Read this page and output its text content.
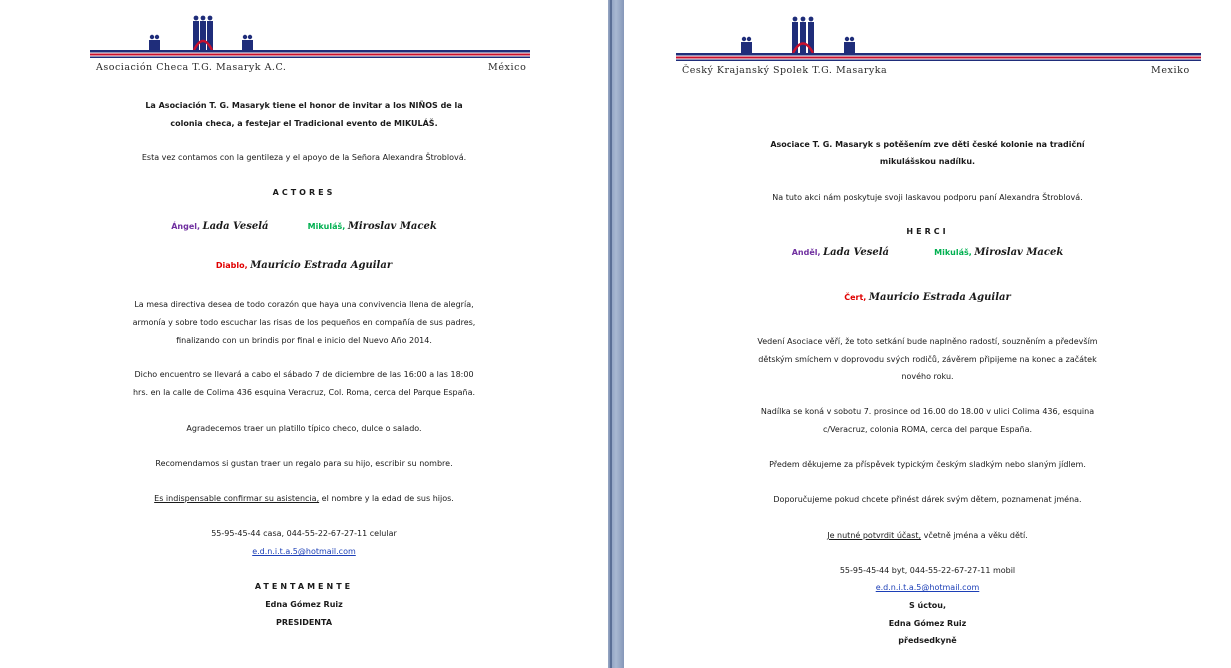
Asociación Checa T.G. Masaryk A.C.	México
La Asociación T. G. Masaryk tiene el honor de invitar a los NIÑOS de la
colonia checa, a festejar el Tradicional evento de MIKULÁŠ.
Esta vez contamos con la gentileza y el apoyo de la Señora Alexandra Štroblová.
ACTORES
Ángel, Lada Veselá	Mikuláš, Miroslav Macek
Diablo, Mauricio Estrada Aguilar
La mesa directiva desea de todo corazón que haya una convivencia llena de alegría,
armonía y sobre todo escuchar las risas de los pequeños en compañía de sus padres,
finalizando con un brindis por final e inicio del Nuevo Año 2014.
Dicho encuentro se llevará a cabo el sábado 7 de diciembre de las 16:00 a las 18:00
hrs. en la calle de Colima 436 esquina Veracruz, Col. Roma, cerca del Parque España.
Agradecemos traer un platillo típico checo, dulce o salado.
Recomendamos si gustan traer un regalo para su hijo, escribir su nombre.
Es indispensable confirmar su asistencia, el nombre y la edad de sus hijos.
55-95-45-44 casa, 044-55-22-67-27-11 celular
e.d.n.i.t.a.5@hotmail.com
ATENTAMENTE
Edna Gómez Ruiz
PRESIDENTA
Český Krajanský Spolek T.G. Masaryka	Mexiko
Asociace T. G. Masaryk s potěšením zve děti české kolonie na tradiční
mikulášskou nadílku.
Na tuto akci nám poskytuje svoji laskavou podporu paní Alexandra Štroblová.
HERCI
Anděl, Lada Veselá	Mikuláš, Miroslav Macek
Čert, Mauricio Estrada Aguilar
Vedení Asociace věří, že toto setkání bude naplněno radostí, souzněním a především
dětským smíchem v doprovodu svých rodičů, závěrem připijeme na konec a začátek
nového roku.
Nadílka se koná v sobotu 7. prosince od 16.00 do 18.00 v ulici Colima 436, esquina
c/Veracruz, colonia ROMA, cerca del parque España.
Předem děkujeme za příspěvek typickým českým sladkým nebo slaným jídlem.
Doporučujeme pokud chcete přinést dárek svým dětem, poznamenat jména.
Je nutné potvrdit účast, včetně jména a věku dětí.
55-95-45-44 byt, 044-55-22-67-27-11 mobil
e.d.n.i.t.a.5@hotmail.com
S úctou,
Edna Gómez Ruiz
předsedkyně
